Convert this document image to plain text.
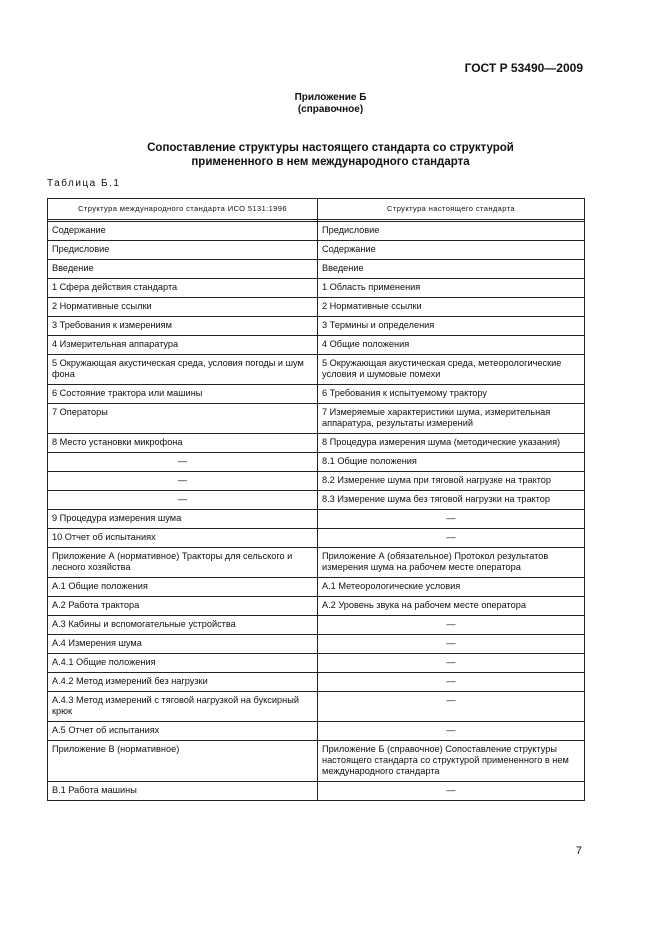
ГОСТ Р 53490—2009
Приложение Б
(справочное)
Сопоставление структуры настоящего стандарта со структурой
примененного в нем международного стандарта
Таблица Б.1
Структура международного стандарта ИСО 5131:1996	Структура настоящего стандарта

Содержание	Предисловие
Предисловие	Содержание
Введение	Введение
1 Сфера действия стандарта	1 Область применения
2 Нормативные ссылки	2 Нормативные ссылки
3 Требования к измерениям	3 Термины и определения
4 Измерительная аппаратура	4 Общие положения
5 Окружающая акустическая среда, условия погоды и шум фона	5 Окружающая акустическая среда, метеорологические условия и шумовые помехи
6 Состояние трактора или машины	6 Требования к испытуемому трактору
7 Операторы	7 Измеряемые характеристики шума, измерительная аппаратура, результаты измерений
8 Место установки микрофона	8 Процедура измерения шума (методические указания)
—	8.1 Общие положения
—	8.2 Измерение шума при тяговой нагрузке на трактор
—	8.3 Измерение шума без тяговой нагрузки на трактор
9 Процедура измерения шума	—
10 Отчет об испытаниях	—
Приложение А (нормативное) Тракторы для сельского и лесного хозяйства	Приложение А (обязательное) Протокол результатов измерения шума на рабочем месте оператора
А.1 Общие положения	А.1 Метеорологические условия
А.2 Работа трактора	А.2 Уровень звука на рабочем месте оператора
А.3 Кабины и вспомогательные устройства	—
А.4 Измерения шума	—
А.4.1 Общие положения	—
А.4.2 Метод измерений без нагрузки	—
А.4.3 Метод измерений с тяговой нагрузкой на буксирный крюк	—
А.5 Отчет об испытаниях	—
Приложение В (нормативное)	Приложение Б (справочное) Сопоставление структуры настоящего стандарта со структурой примененного в нем международного стандарта
В.1 Работа машины	—
7
